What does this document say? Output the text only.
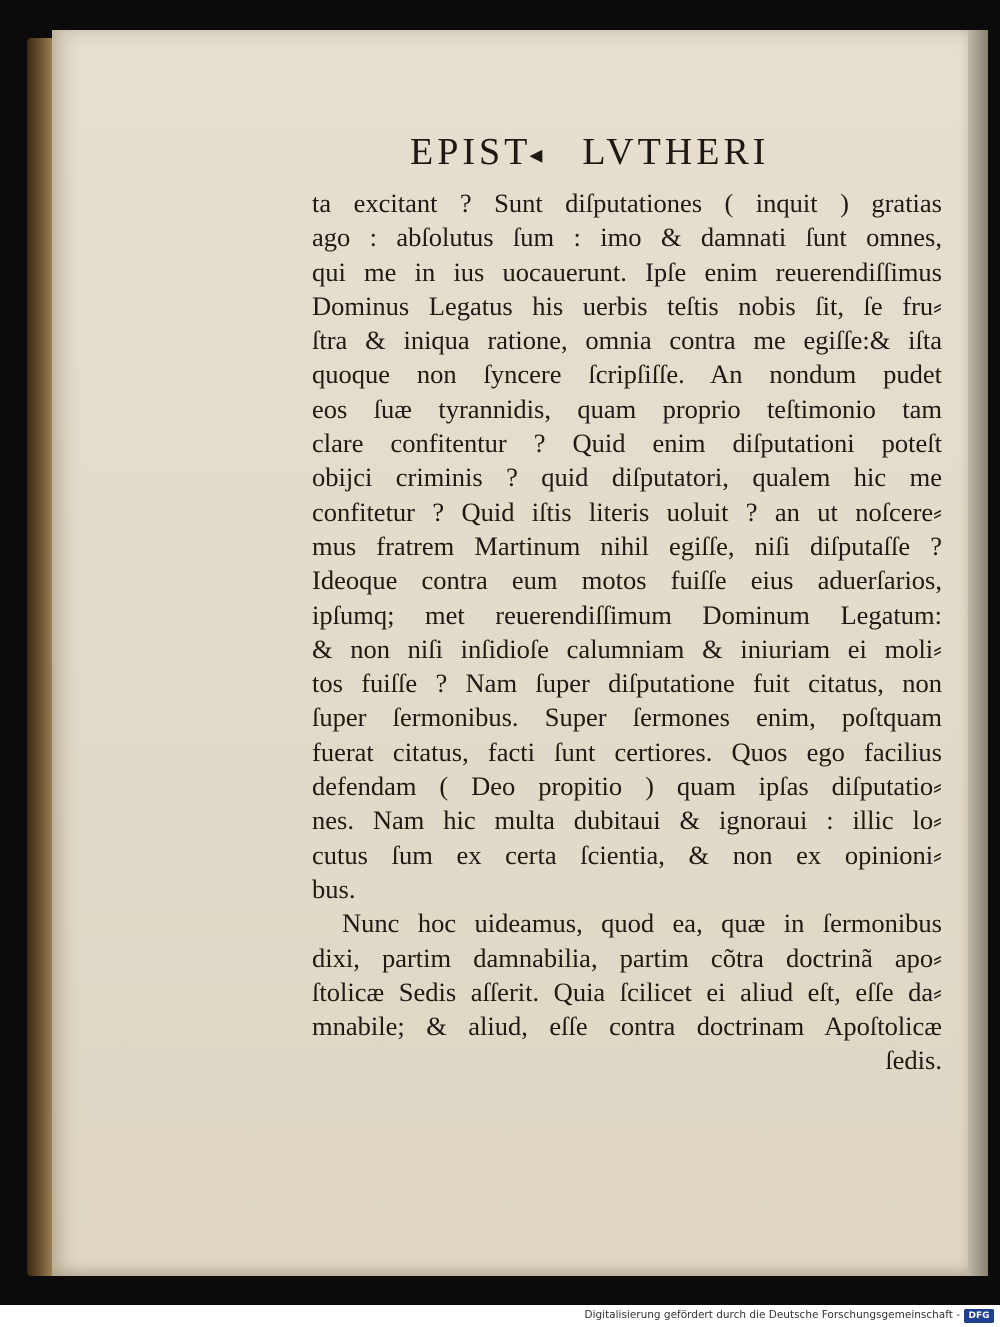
EPIST◂ LVTHERI
ta excitant ? Sunt diſputationes ( inquit ) gratias
ago : abſolutus ſum : imo & damnati ſunt omnes,
qui me in ius uocauerunt. Ipſe enim reuerendiſſimus
Dominus Legatus his uerbis teſtis nobis ſit, ſe fru⸗
ſtra & iniqua ratione, omnia contra me egiſſe:& iſta
quoque non ſyncere ſcripſiſſe. An nondum pudet
eos ſuæ tyrannidis, quam proprio teſtimonio tam
clare confitentur ? Quid enim diſputationi poteſt
obijci criminis ? quid diſputatori, qualem hic me
confitetur ? Quid iſtis literis uoluit ? an ut noſcere⸗
mus fratrem Martinum nihil egiſſe, niſi diſputaſſe ?
Ideoque contra eum motos fuiſſe eius aduerſarios,
ipſumq; met reuerendiſſimum Dominum Legatum:
& non niſi inſidioſe calumniam & iniuriam ei moli⸗
tos fuiſſe ? Nam ſuper diſputatione fuit citatus, non
ſuper ſermonibus. Super ſermones enim, poſtquam
fuerat citatus, facti ſunt certiores. Quos ego facilius
defendam ( Deo propitio ) quam ipſas diſputatio⸗
nes. Nam hic multa dubitaui & ignoraui : illic lo⸗
cutus ſum ex certa ſcientia, & non ex opinioni⸗
bus.
Nunc hoc uideamus, quod ea, quæ in ſermonibus
dixi, partim damnabilia, partim cõtra doctrinã apo⸗
ſtolicæ Sedis aſſerit. Quia ſcilicet ei aliud eſt, eſſe da⸗
mnabile; & aliud, eſſe contra doctrinam Apoſtolicæ
ſedis.
Digitalisierung gefördert durch die Deutsche Forschungsgemeinschaft - DFG
